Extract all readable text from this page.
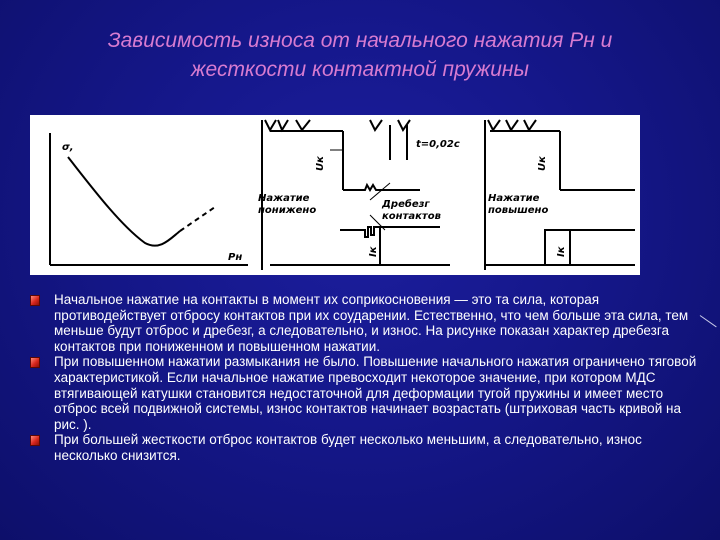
Зависимость износа от начального нажатия Рн и
жесткости контактной пружины
σ,
Pн
Uк
Iк
t=0,02c
Нажатие
понижено
Дребезг
контактов
Uк
Iк
Нажатие
повышено
Начальное нажатие на контакты в момент их соприкосновения — это та сила, которая противодействует отбросу контактов при их соударении. Естественно, что чем больше эта сила, тем меньше будут отброс и дребезг, а следовательно, и износ. На рисунке показан характер дребезга контактов при пониженном и повышенном нажатии.
При повышенном нажатии размыкания не было. Повышение начального нажатия ограничено тяговой характеристикой. Если начальное нажатие превосходит некоторое значение, при котором МДС втягивающей катушки становится недостаточной для деформации тугой пружины и имеет место отброс всей подвижной системы, износ контактов начинает возрастать (штриховая часть кривой на рис. ).
При большей жесткости отброс контактов будет несколько меньшим, а следовательно, износ несколько снизится.
